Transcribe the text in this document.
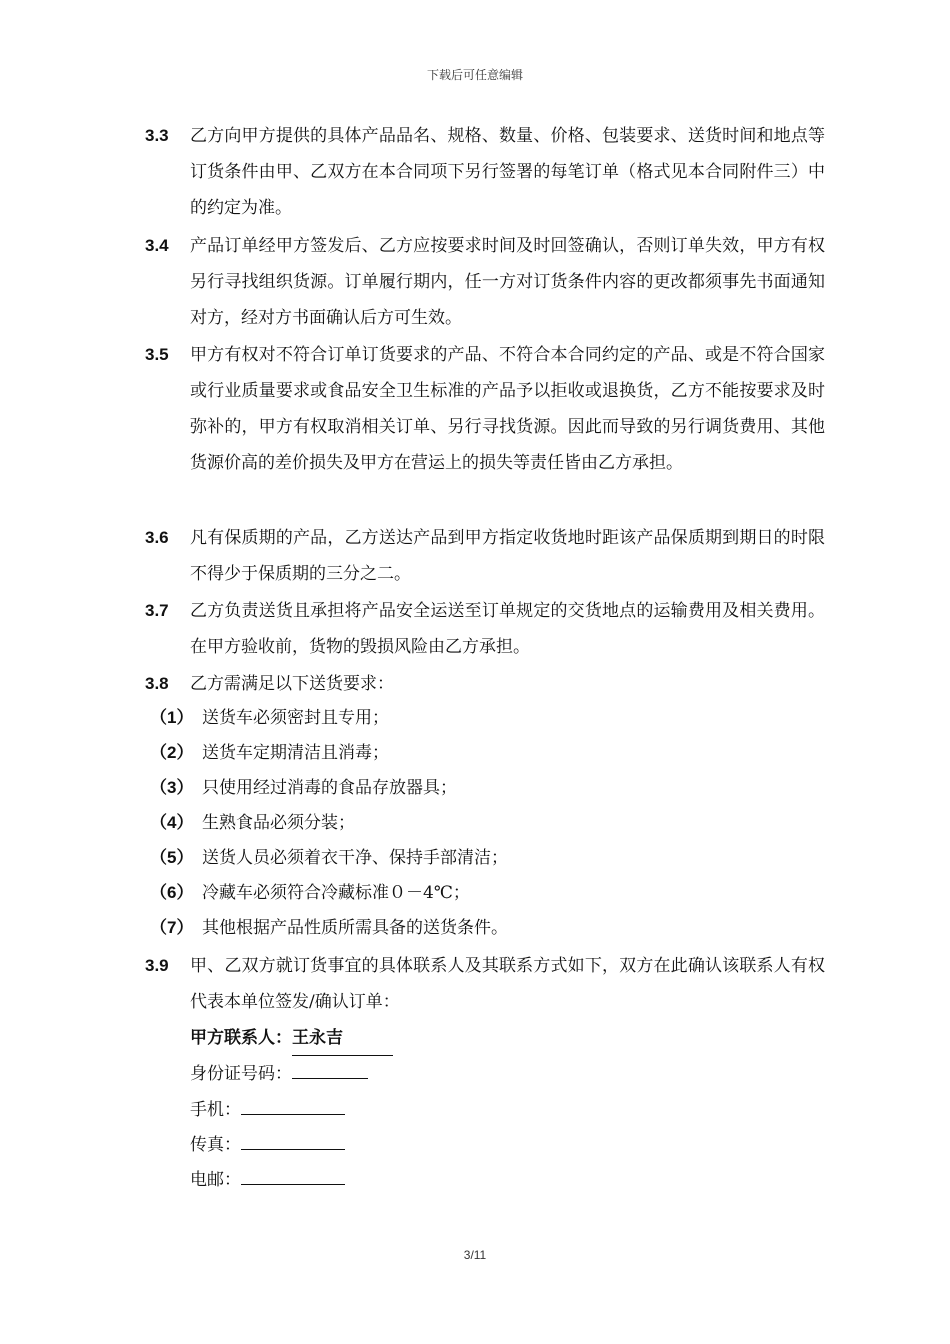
下载后可任意编辑
3.3	乙方向甲方提供的具体产品品名、规格、数量、价格、包装要求、送货时间和地点等订货条件由甲、乙双方在本合同项下另行签署的每笔订单（格式见本合同附件三）中的约定为准。
3.4	产品订单经甲方签发后、乙方应按要求时间及时回签确认，否则订单失效，甲方有权另行寻找组织货源。订单履行期内，任一方对订货条件内容的更改都须事先书面通知对方，经对方书面确认后方可生效。
3.5	甲方有权对不符合订单订货要求的产品、不符合本合同约定的产品、或是不符合国家或行业质量要求或食品安全卫生标准的产品予以拒收或退换货，乙方不能按要求及时弥补的，甲方有权取消相关订单、另行寻找货源。因此而导致的另行调货费用、其他货源价高的差价损失及甲方在营运上的损失等责任皆由乙方承担。
3.6	凡有保质期的产品，乙方送达产品到甲方指定收货地时距该产品保质期到期日的时限不得少于保质期的三分之二。
3.7	乙方负责送货且承担将产品安全运送至订单规定的交货地点的运输费用及相关费用。在甲方验收前，货物的毁损风险由乙方承担。
3.8	乙方需满足以下送货要求：
（1） 送货车必须密封且专用；
（2） 送货车定期清洁且消毒；
（3） 只使用经过消毒的食品存放器具；
（4） 生熟食品必须分装；
（5） 送货人员必须着衣干净、保持手部清洁；
（6） 冷藏车必须符合冷藏标准０－4℃；
（7） 其他根据产品性质所需具备的送货条件。
3.9	甲、乙双方就订货事宜的具体联系人及其联系方式如下，双方在此确认该联系人有权代表本单位签发/确认订单：
甲方联系人：王永吉
身份证号码：
手机：
传真：
电邮：
3/11
